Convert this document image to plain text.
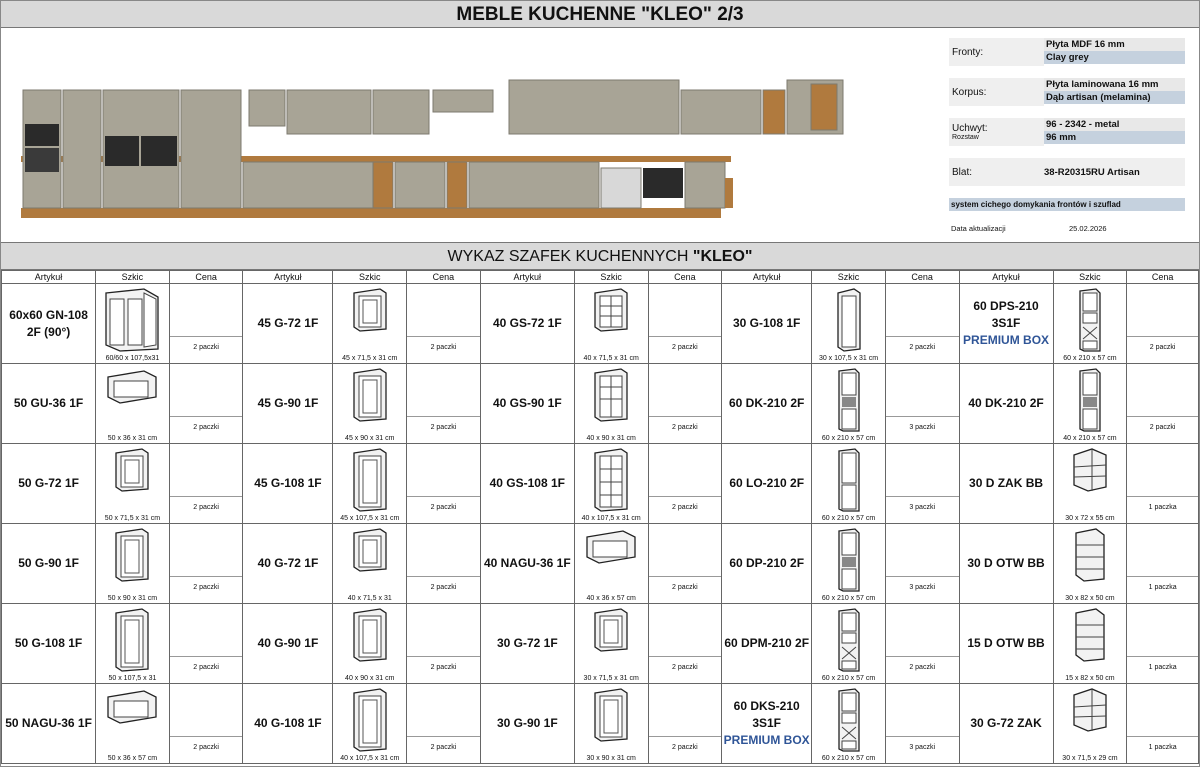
MEBLE KUCHENNE "KLEO" 2/3
Fronty:
Płyta MDF 16 mm
Clay grey
Korpus:
Płyta laminowana 16 mm
Dąb artisan (melamina)
Uchwyt:
Rozstaw
96 - 2342 - metal
96 mm
Blat:	38-R20315RU Artisan
system cichego domykania frontów i szuflad
Data aktualizacji	25.02.2026
WYKAZ SZAFEK KUCHENNYCH "KLEO"
Artykuł	Szkic	Cena	Artykuł	Szkic	Cena	Artykuł	Szkic	Cena	Artykuł	Szkic	Cena	Artykuł	Szkic	Cena

60x60 GN-108 2F (90°)	60/60 x 107,5x31	2 paczki	45 G-72 1F	45 x 71,5 x 31 cm	2 paczki	40 GS-72 1F	40 x 71,5 x 31 cm	2 paczki	30 G-108 1F	30 x 107,5 x 31 cm	2 paczki	60 DPS-210
3S1F
PREMIUM BOX	60 x 210 x 57 cm	2 paczki

50 GU-36 1F	50 x 36 x 31 cm	2 paczki	45 G-90 1F	45 x 90 x 31 cm	2 paczki	40 GS-90 1F	40 x 90 x 31 cm	2 paczki	60 DK-210 2F	60 x 210 x 57 cm	3 paczki	40 DK-210 2F	40 x 210 x 57 cm	2 paczki

50 G-72 1F	50 x 71,5 x 31 cm	2 paczki	45 G-108 1F	45 x 107,5 x 31 cm	2 paczki	40 GS-108 1F	40 x 107,5 x 31 cm	2 paczki	60 LO-210 2F	60 x 210 x 57 cm	3 paczki	30 D ZAK BB	30 x 72 x 55 cm	1 paczka

50 G-90 1F	50 x 90 x 31 cm	2 paczki	40 G-72 1F	40 x 71,5 x 31	2 paczki	40 NAGU-36 1F	40 x 36 x 57 cm	2 paczki	60 DP-210 2F	60 x 210 x 57 cm	3 paczki	30 D OTW BB	30 x 82 x 50 cm	1 paczka

50 G-108 1F	50 x 107,5 x 31	2 paczki	40 G-90 1F	40 x 90 x 31 cm	2 paczki	30 G-72 1F	30 x 71,5 x 31 cm	2 paczki	60 DPM-210 2F	60 x 210 x 57 cm	2 paczki	15 D OTW BB	15 x 82 x 50 cm	1 paczka

50 NAGU-36 1F	50 x 36 x 57 cm	2 paczki	40 G-108 1F	40 x 107,5 x 31 cm	2 paczki	30 G-90 1F	30 x 90 x 31 cm	2 paczki	60 DKS-210
3S1F
PREMIUM BOX	60 x 210 x 57 cm	3 paczki	30 G-72 ZAK	30 x 71,5 x 29 cm	1 paczka
